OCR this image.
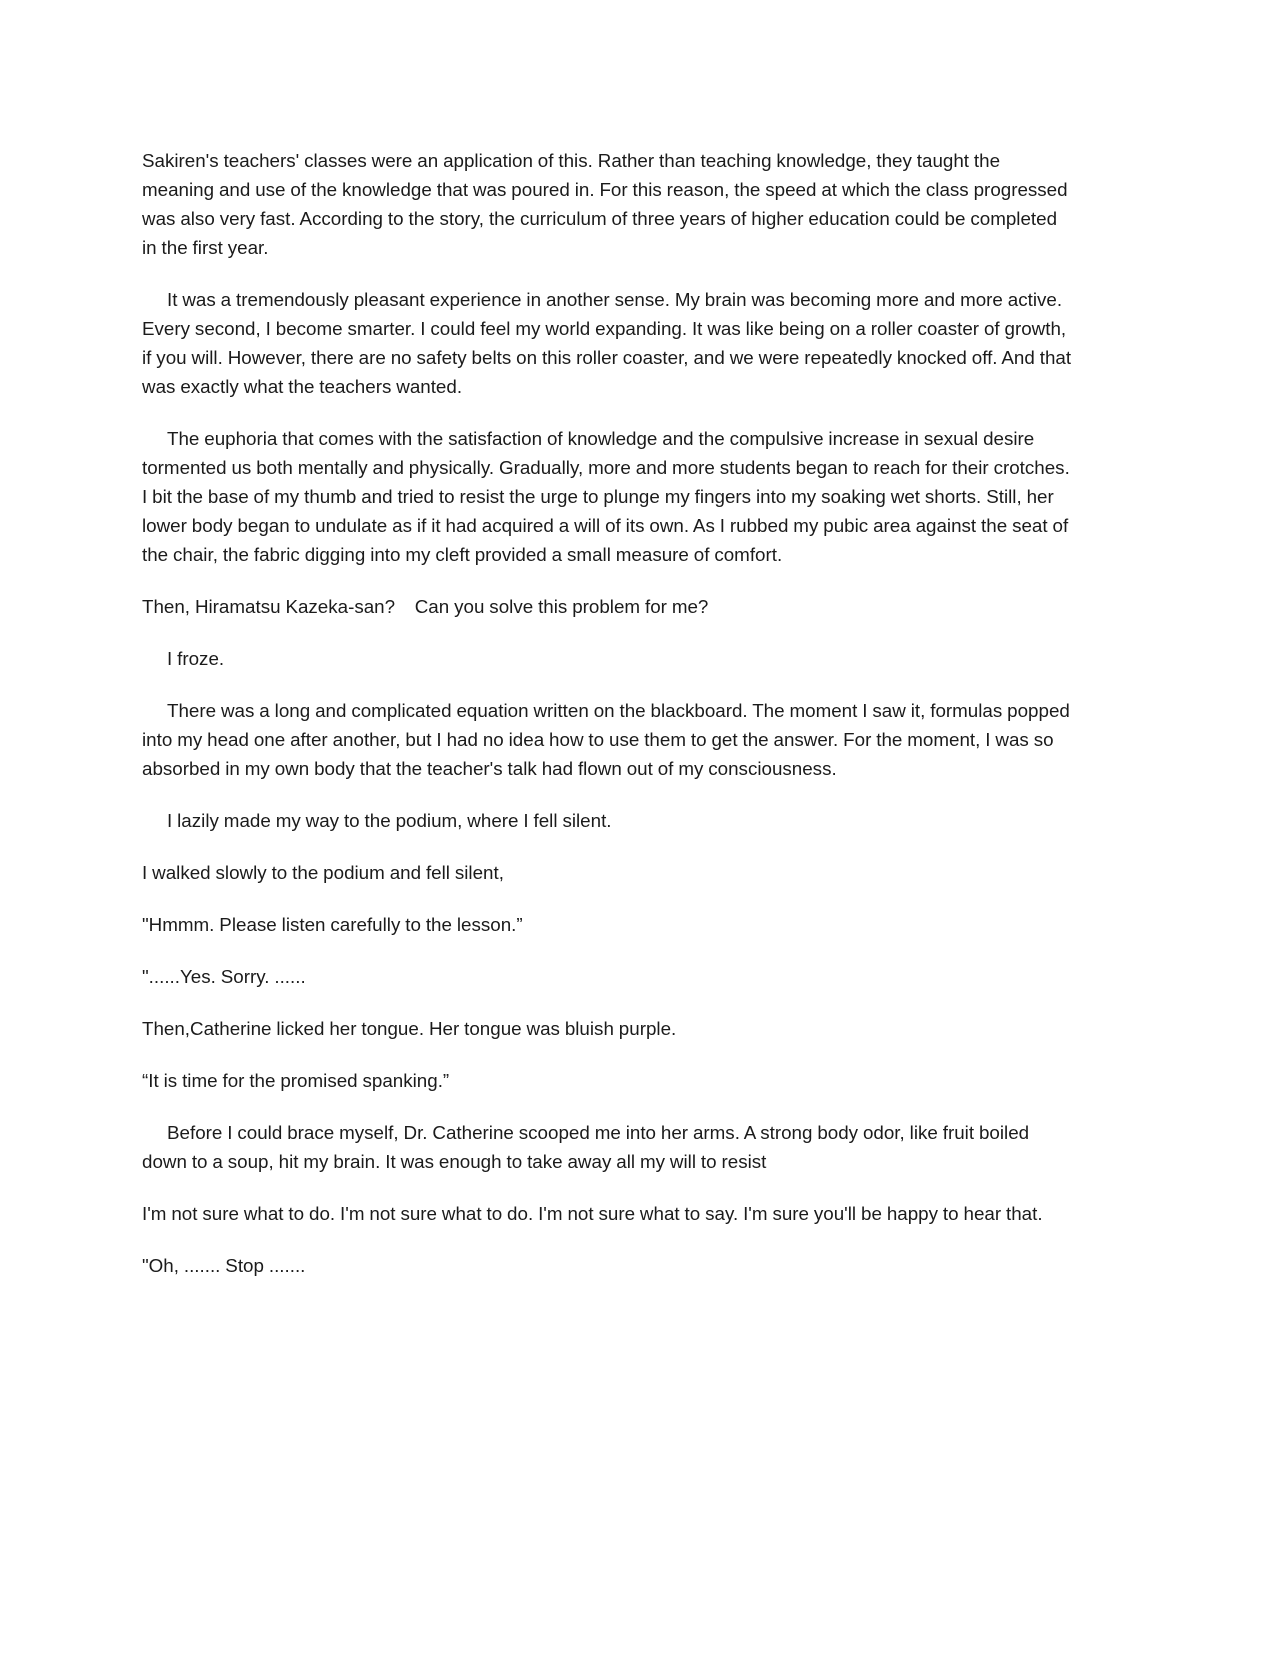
Sakiren's teachers' classes were an application of this. Rather than teaching knowledge, they taught the meaning and use of the knowledge that was poured in. For this reason, the speed at which the class progressed was also very fast. According to the story, the curriculum of three years of higher education could be completed in the first year.

It was a tremendously pleasant experience in another sense. My brain was becoming more and more active. Every second, I become smarter. I could feel my world expanding. It was like being on a roller coaster of growth, if you will. However, there are no safety belts on this roller coaster, and we were repeatedly knocked off. And that was exactly what the teachers wanted.

The euphoria that comes with the satisfaction of knowledge and the compulsive increase in sexual desire tormented us both mentally and physically. Gradually, more and more students began to reach for their crotches. I bit the base of my thumb and tried to resist the urge to plunge my fingers into my soaking wet shorts. Still, her lower body began to undulate as if it had acquired a will of its own. As I rubbed my pubic area against the seat of the chair, the fabric digging into my cleft provided a small measure of comfort.

Then, Hiramatsu Kazeka-san?    Can you solve this problem for me?

I froze.

There was a long and complicated equation written on the blackboard. The moment I saw it, formulas popped into my head one after another, but I had no idea how to use them to get the answer. For the moment, I was so absorbed in my own body that the teacher's talk had flown out of my consciousness.

I lazily made my way to the podium, where I fell silent.

I walked slowly to the podium and fell silent,

"Hmmm. Please listen carefully to the lesson.”

"......Yes. Sorry. ......

Then,Catherine licked her tongue. Her tongue was bluish purple.

“It is time for the promised spanking.”

Before I could brace myself, Dr. Catherine scooped me into her arms. A strong body odor, like fruit boiled down to a soup, hit my brain. It was enough to take away all my will to resist

I'm not sure what to do. I'm not sure what to do. I'm not sure what to say. I'm sure you'll be happy to hear that.

"Oh, ....... Stop .......
